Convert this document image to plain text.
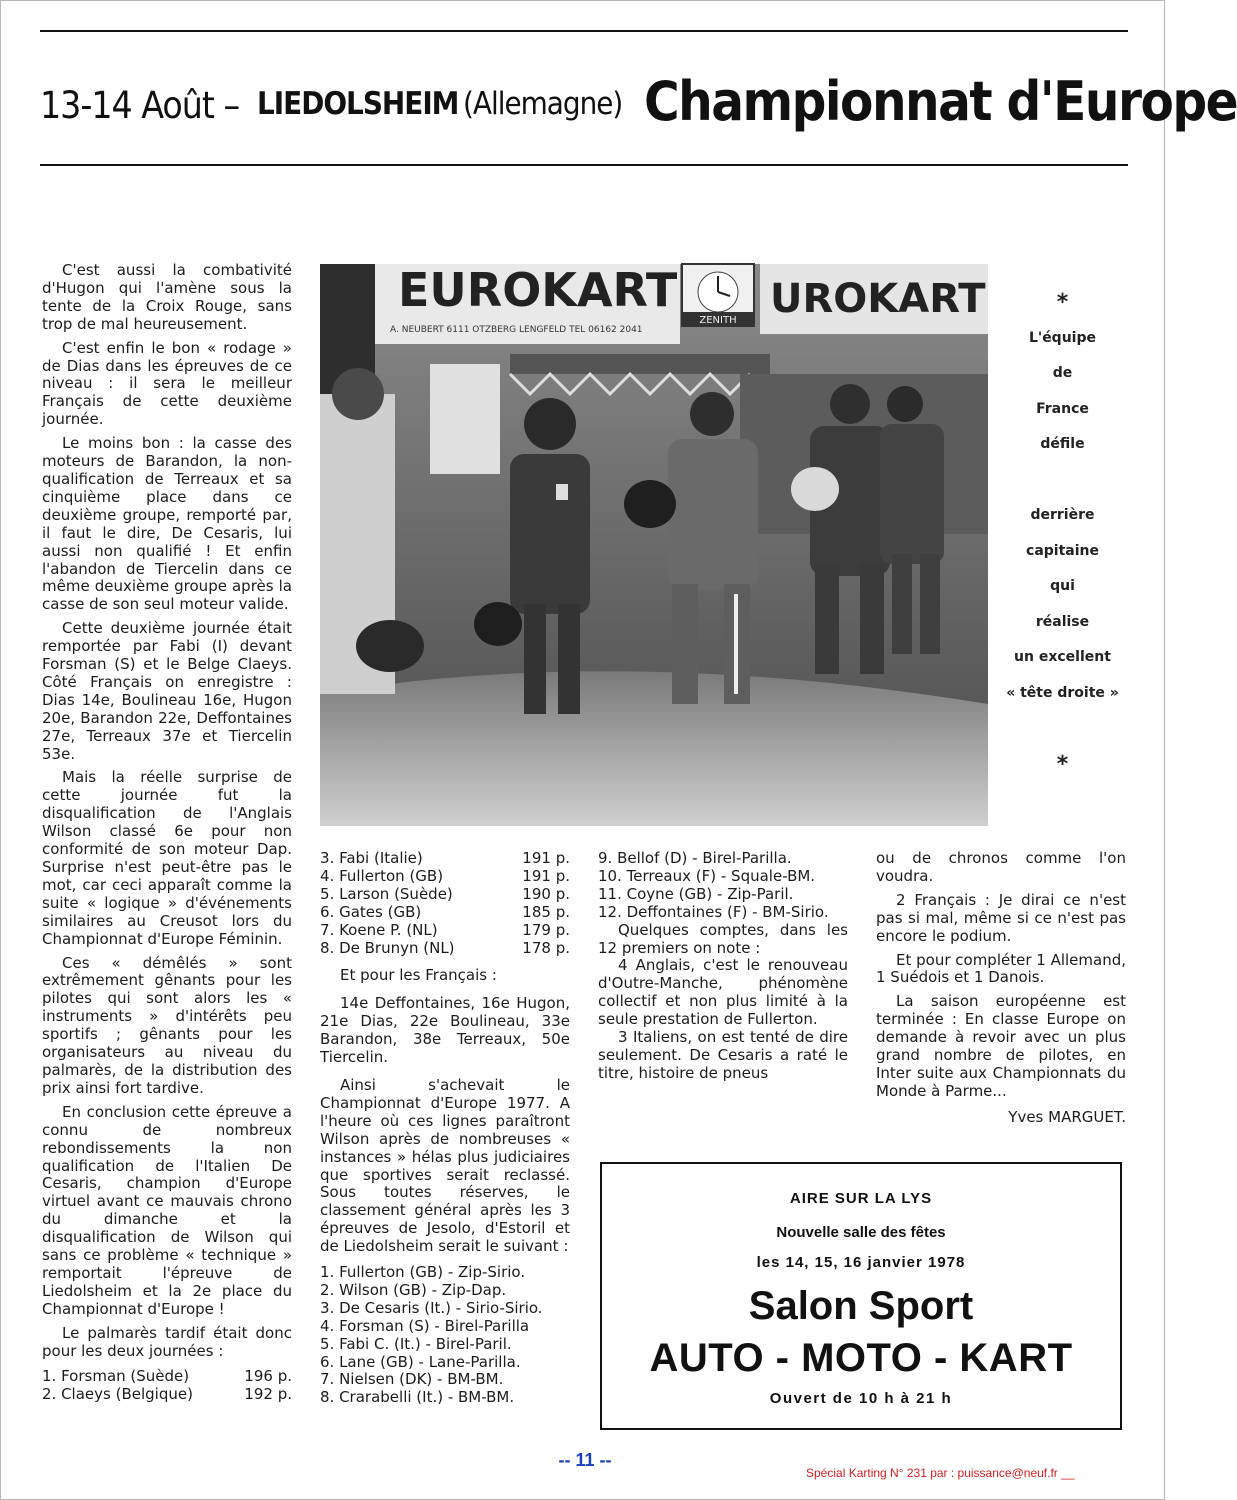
13-14 Août – LIEDOLSHEIM (Allemagne) Championnat d'Europe

C'est aussi la combativité d'Hugon qui l'amène sous la tente de la Croix Rouge, sans trop de mal heureusement.

C'est enfin le bon « rodage » de Dias dans les épreuves de ce niveau : il sera le meilleur Français de cette deuxième journée.

Le moins bon : la casse des moteurs de Barandon, la non-qualification de Terreaux et sa cinquième place dans ce deuxième groupe, remporté par, il faut le dire, De Cesaris, lui aussi non qualifié ! Et enfin l'abandon de Tiercelin dans ce même deuxième groupe après la casse de son seul moteur valide.

Cette deuxième journée était remportée par Fabi (I) devant Forsman (S) et le Belge Claeys. Côté Français on enregistre : Dias 14e, Boulineau 16e, Hugon 20e, Barandon 22e, Deffontaines 27e, Terreaux 37e et Tiercelin 53e.

Mais la réelle surprise de cette journée fut la disqualification de l'Anglais Wilson classé 6e pour non conformité de son moteur Dap. Surprise n'est peut-être pas le mot, car ceci apparaît comme la suite « logique » d'événements similaires au Creusot lors du Championnat d'Europe Féminin.

Ces « démêlés » sont extrêmement gênants pour les pilotes qui sont alors les « instruments » d'intérêts peu sportifs ; gênants pour les organisateurs au niveau du palmarès, de la distribution des prix ainsi fort tardive.

En conclusion cette épreuve a connu de nombreux rebondissements la non qualification de l'Italien De Cesaris, champion d'Europe virtuel avant ce mauvais chrono du dimanche et la disqualification de Wilson qui sans ce problème « technique » remportait l'épreuve de Liedolsheim et la 2e place du Championnat d'Europe !

Le palmarès tardif était donc pour les deux journées :

1. Forsman (Suède)	196 p.
2. Claeys (Belgique)	192 p.
EUROKART
A. NEUBERT 6111 OTZBERG LENGFELD TEL 06162 2041
ZENITH UROKART	*
L'équipe
de
France
défile
derrière
capitaine
qui
réalise
un excellent
« tête droite »
*
3. Fabi (Italie)	191 p.
4. Fullerton (GB)	191 p.
5. Larson (Suède)	190 p.
6. Gates (GB)	185 p.
7. Koene P. (NL)	179 p.
8. De Brunyn (NL)	178 p.

Et pour les Français :

14e Deffontaines, 16e Hugon, 21e Dias, 22e Boulineau, 33e Barandon, 38e Terreaux, 50e Tiercelin.

Ainsi s'achevait le Championnat d'Europe 1977. A l'heure où ces lignes paraîtront Wilson après de nombreuses « instances » hélas plus judiciaires que sportives serait reclassé. Sous toutes réserves, le classement général après les 3 épreuves de Jesolo, d'Estoril et de Liedolsheim serait le suivant :

1. Fullerton (GB) - Zip-Sirio.
2. Wilson (GB) - Zip-Dap.
3. De Cesaris (It.) - Sirio-Sirio.
4. Forsman (S) - Birel-Parilla
5. Fabi C. (It.) - Birel-Paril.
6. Lane (GB) - Lane-Parilla.
7. Nielsen (DK) - BM-BM.
8. Crarabelli (It.) - BM-BM.
9. Bellof (D) - Birel-Parilla.
10. Terreaux (F) - Squale-BM.
11. Coyne (GB) - Zip-Paril.
12. Deffontaines (F) - BM-Sirio.

Quelques comptes, dans les 12 premiers on note :

4 Anglais, c'est le renouveau d'Outre-Manche, phénomène collectif et non plus limité à la seule prestation de Fullerton.

3 Italiens, on est tenté de dire seulement. De Cesaris a raté le titre, histoire de pneus

ou de chronos comme l'on voudra.

2 Français : Je dirai ce n'est pas si mal, même si ce n'est pas encore le podium.

Et pour compléter 1 Allemand, 1 Suédois et 1 Danois.

La saison européenne est terminée : En classe Europe on demande à revoir avec un plus grand nombre de pilotes, en Inter suite aux Championnats du Monde à Parme...

Yves MARGUET.

AIRE SUR LA LYS
Nouvelle salle des fêtes
les 14, 15, 16 janvier 1978
Salon Sport
AUTO - MOTO - KART
Ouvert de 10 h à 21 h
-- 11 --
Spécial Karting N° 231 par : puissance@neuf.fr __
